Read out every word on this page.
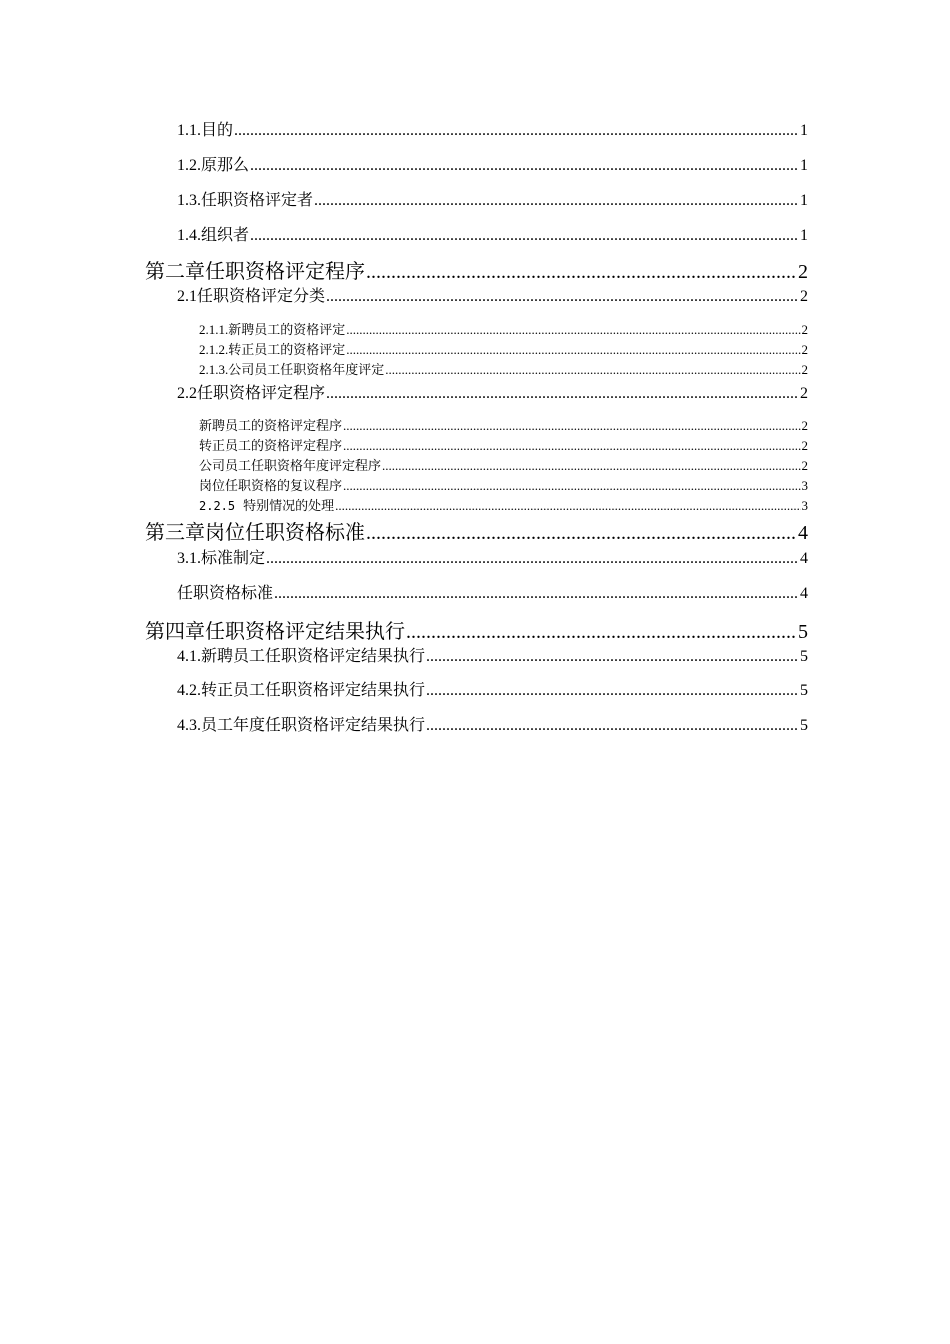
1.1. 目的 .....	1
1.2. 原那么 .....	1
1.3. 任职资格评定者 .....	1
1.4. 组织者 .....	1
第二章 任职资格评定程序 .....	2
2.1 任职资格评定分类 .....	2
2.1.1. 新聘员工的资格评定 .....	2
2.1.2. 转正员工的资格评定 .....	2
2.1.3. 公司员工任职资格年度评定 .....	2
2.2 任职资格评定程序 .....	2
新聘员工的资格评定程序 .....	2
转正员工的资格评定程序 .....	2
公司员工任职资格年度评定程序 .....	2
岗位任职资格的复议程序 .....	3
2.2.5 特别情况的处理 .....	3
第三章 岗位任职资格标准 .....	4
3.1. 标准制定 .....	4
任职资格标准 .....	4
第四章 任职资格评定结果执行 .....	5
4.1. 新聘员工任职资格评定结果执行 .....	5
4.2. 转正员工任职资格评定结果执行 .....	5
4.3. 员工年度任职资格评定结果执行 .....	5
